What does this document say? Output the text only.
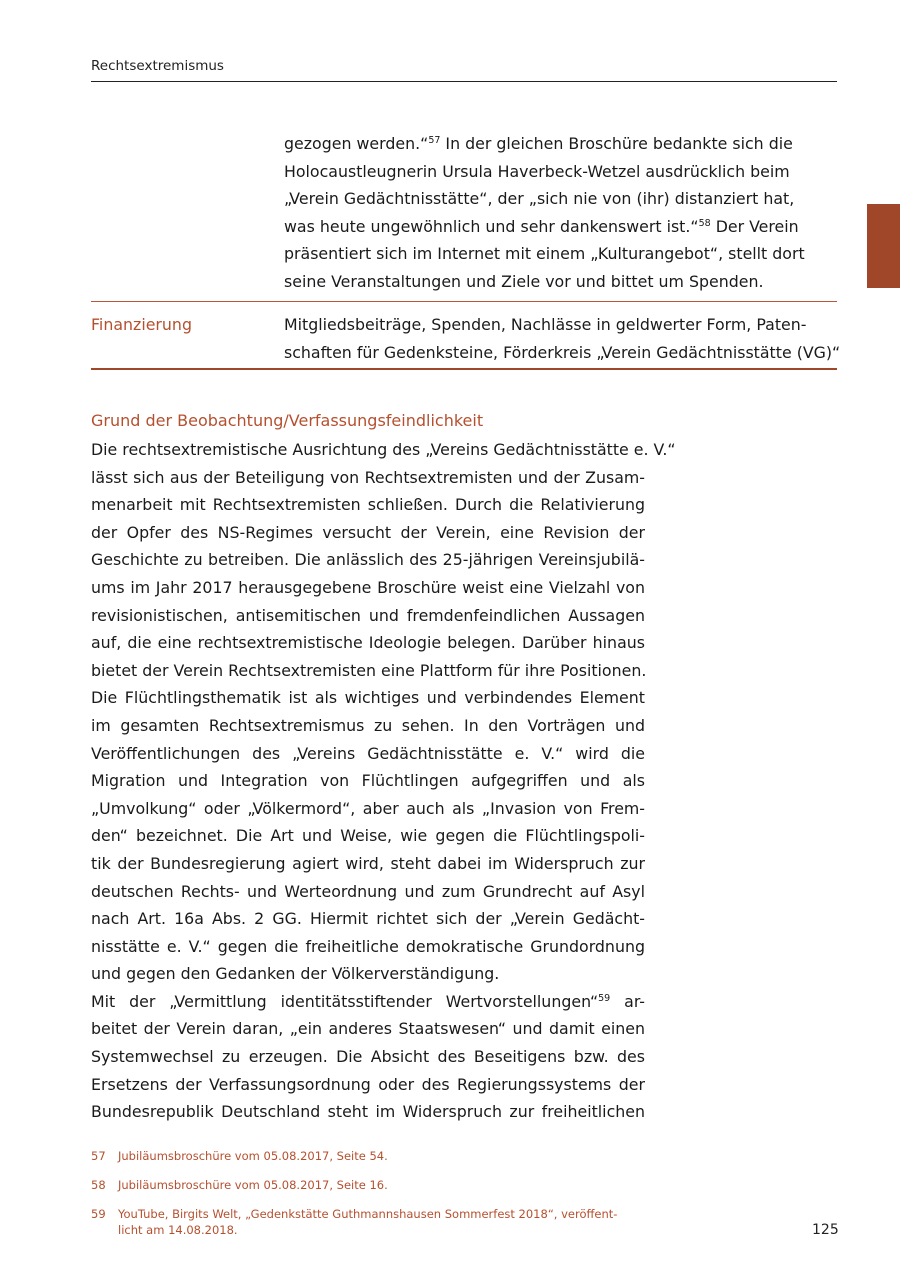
Rechtsextremismus
gezogen werden.“$^{57}$ In der gleichen Broschüre bedankte sich die
Holocaustleugnerin Ursula Haverbeck-Wetzel ausdrücklich beim
„Verein Gedächtnisstätte“, der „sich nie von (ihr) distanziert hat,
was heute ungewöhnlich und sehr dankenswert ist.“$^{58}$ Der Verein
präsentiert sich im Internet mit einem „Kulturangebot“, stellt dort
seine Veranstaltungen und Ziele vor und bittet um Spenden.
Finanzierung	Mitgliedsbeiträge, Spenden, Nachlässe in geldwerter Form, Paten-
schaften für Gedenksteine, Förderkreis „Verein Gedächtnisstätte (VG)“
Grund der Beobachtung/Verfassungsfeindlichkeit
Die rechtsextremistische Ausrichtung des „Vereins Gedächtnisstätte e. V.“
lässt sich aus der Beteiligung von Rechtsextremisten und der Zusam-
menarbeit mit Rechtsextremisten schließen. Durch die Relativierung
der Opfer des NS-Regimes versucht der Verein, eine Revision der
Geschichte zu betreiben. Die anlässlich des 25-jährigen Vereinsjubilä-
ums im Jahr 2017 herausgegebene Broschüre weist eine Vielzahl von
revisionistischen, antisemitischen und fremdenfeindlichen Aussagen
auf, die eine rechtsextremistische Ideologie belegen. Darüber hinaus
bietet der Verein Rechtsextremisten eine Plattform für ihre Positionen.
Die Flüchtlingsthematik ist als wichtiges und verbindendes Element
im gesamten Rechtsextremismus zu sehen. In den Vorträgen und
Veröffentlichungen des „Vereins Gedächtnisstätte e. V.“ wird die
Migration und Integration von Flüchtlingen aufgegriffen und als
„Umvolkung“ oder „Völkermord“, aber auch als „Invasion von Frem-
den“ bezeichnet. Die Art und Weise, wie gegen die Flüchtlingspoli-
tik der Bundesregierung agiert wird, steht dabei im Widerspruch zur
deutschen Rechts- und Werteordnung und zum Grundrecht auf Asyl
nach Art. 16a Abs. 2 GG. Hiermit richtet sich der „Verein Gedächt-
nisstätte e. V.“ gegen die freiheitliche demokratische Grundordnung
und gegen den Gedanken der Völkerverständigung.
Mit der „Vermittlung identitätsstiftender Wertvorstellungen“$^{59}$ ar-
beitet der Verein daran, „ein anderes Staatswesen“ und damit einen
Systemwechsel zu erzeugen. Die Absicht des Beseitigens bzw. des
Ersetzens der Verfassungsordnung oder des Regierungssystems der
Bundesrepublik Deutschland steht im Widerspruch zur freiheitlichen
57 Jubiläumsbroschüre vom 05.08.2017, Seite 54.
58 Jubiläumsbroschüre vom 05.08.2017, Seite 16.
59 YouTube, Birgits Welt, „Gedenkstätte Guthmannshausen Sommerfest 2018“, veröffent-
licht am 14.08.2018.	125
